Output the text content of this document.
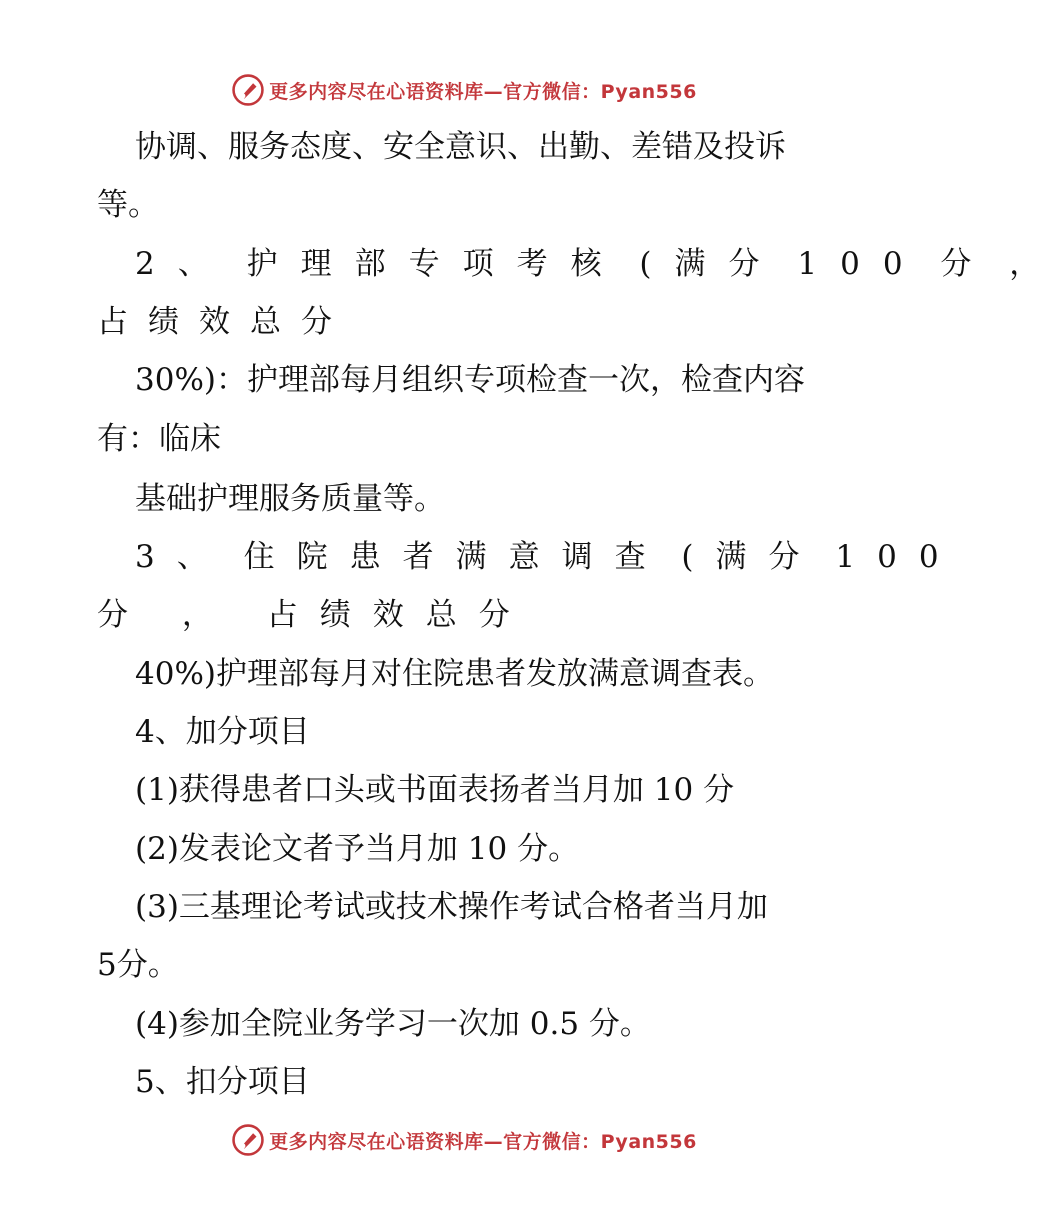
更多内容尽在心语资料库—官方微信：Pyan556
协调、服务态度、安全意识、出勤、差错及投诉
等。
2、 护理部专项考核 (满分 100 分 ，
占绩效总分
30%)：护理部每月组织专项检查一次，检查内容
有：临床
基础护理服务质量等。
3、 住院患者满意调查 (满分 100
分 ， 占绩效总分
40%)护理部每月对住院患者发放满意调查表。
4、加分项目
(1)获得患者口头或书面表扬者当月加 10 分
(2)发表论文者予当月加 10 分。
(3)三基理论考试或技术操作考试合格者当月加
5分。
(4)参加全院业务学习一次加 0.5 分。
5、扣分项目
更多内容尽在心语资料库—官方微信：Pyan556
